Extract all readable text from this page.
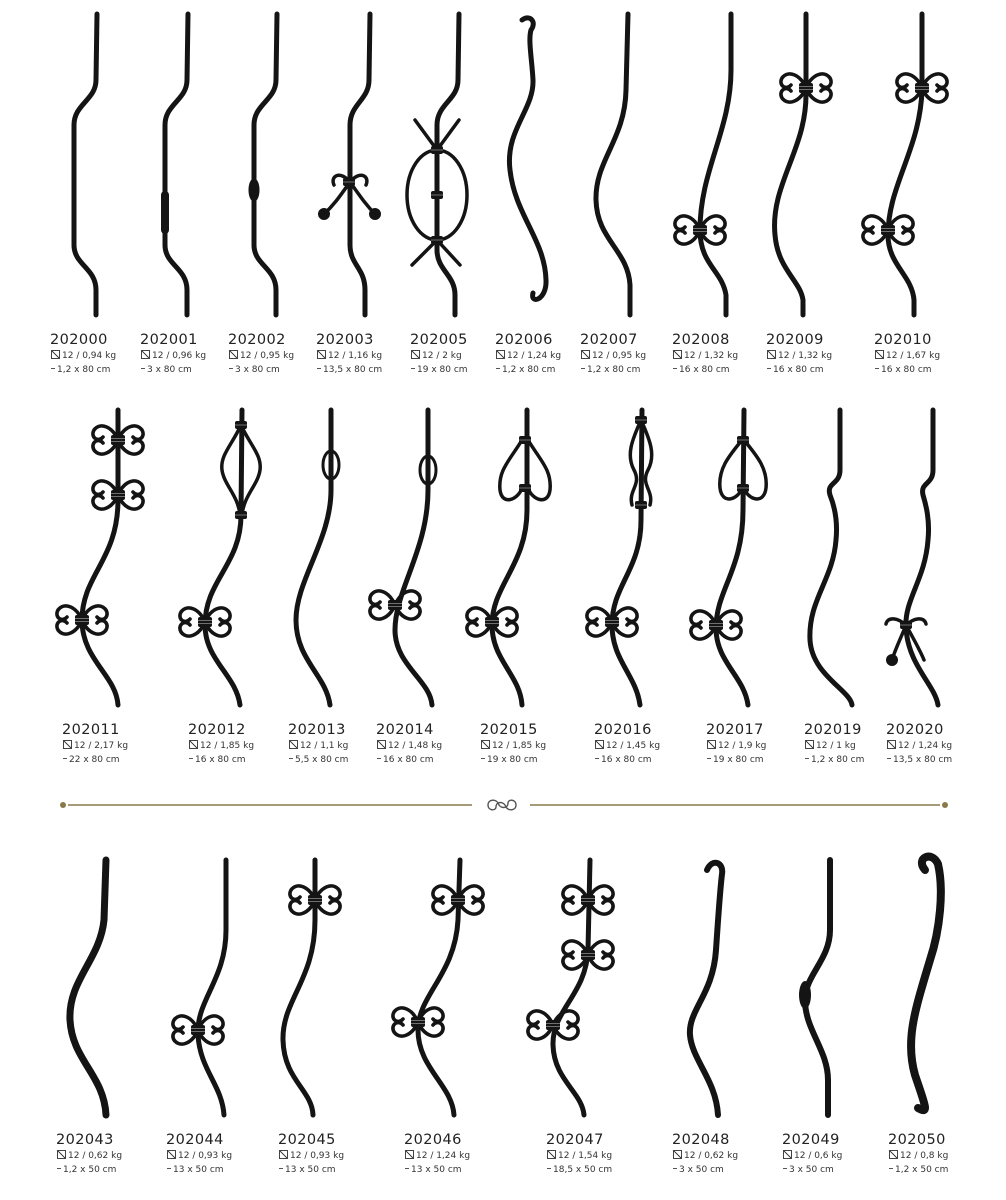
202000
12 / 0,94 kg
1,2 x 80 cm
202001
12 / 0,96 kg
3 x 80 cm
202002
12 / 0,95 kg
3 x 80 cm
202003
12 / 1,16 kg
13,5 x 80 cm
202005
12 / 2 kg
19 x 80 cm
202006
12 / 1,24 kg
1,2 x 80 cm
202007
12 / 0,95 kg
1,2 x 80 cm
202008
12 / 1,32 kg
16 x 80 cm
202009
12 / 1,32 kg
16 x 80 cm
202010
12 / 1,67 kg
16 x 80 cm
202011
12 / 2,17 kg
22 x 80 cm
202012
12 / 1,85 kg
16 x 80 cm
202013
12 / 1,1 kg
5,5 x 80 cm
202014
12 / 1,48 kg
16 x 80 cm
202015
12 / 1,85 kg
19 x 80 cm
202016
12 / 1,45 kg
16 x 80 cm
202017
12 / 1,9 kg
19 x 80 cm
202019
12 / 1 kg
1,2 x 80 cm
202020
12 / 1,24 kg
13,5 x 80 cm
202043
12 / 0,62 kg
1,2 x 50 cm
202044
12 / 0,93 kg
13 x 50 cm
202045
12 / 0,93 kg
13 x 50 cm
202046
12 / 1,24 kg
13 x 50 cm
202047
12 / 1,54 kg
18,5 x 50 cm
202048
12 / 0,62 kg
3 x 50 cm
202049
12 / 0,6 kg
3 x 50 cm
202050
12 / 0,8 kg
1,2 x 50 cm
